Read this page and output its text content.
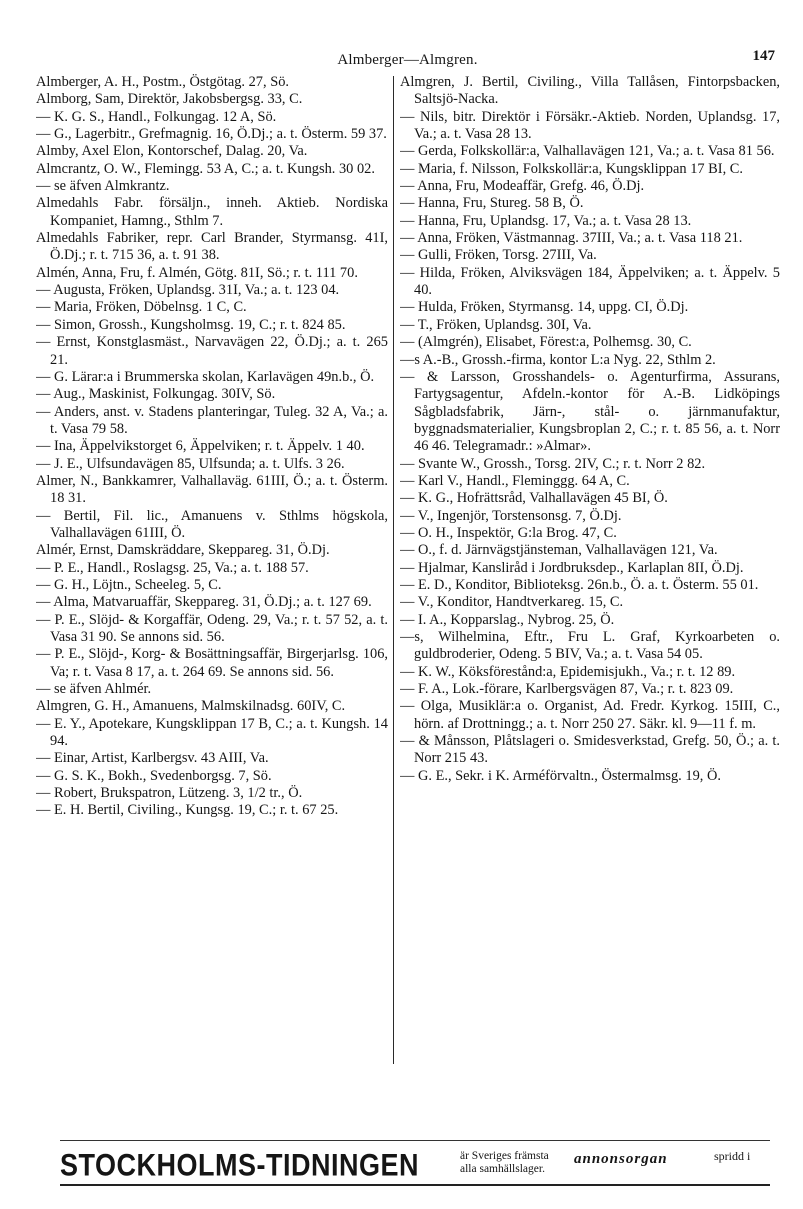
Almberger—Almgren.	147

Almberger, A. H., Postm., Östgötag. 27, Sö.

Almborg, Sam, Direktör, Jakobsbergsg. 33, C.

— K. G. S., Handl., Folkungag. 12 A, Sö.

— G., Lagerbitr., Grefmagnig. 16, Ö.Dj.; a. t. Österm. 59 37.

Almby, Axel Elon, Kontorschef, Dalag. 20, Va.

Almcrantz, O. W., Flemingg. 53 A, C.; a. t. Kungsh. 30 02.

— se äfven Almkrantz.

Almedahls Fabr. försäljn., inneh. Aktieb. Nordiska Kompaniet, Hamng., Sthlm 7.

Almedahls Fabriker, repr. Carl Brander, Styrmansg. 41I, Ö.Dj.; r. t. 715 36, a. t. 91 38.

Almén, Anna, Fru, f. Almén, Götg. 81I, Sö.; r. t. 111 70.

— Augusta, Fröken, Uplandsg. 31I, Va.; a. t. 123 04.

— Maria, Fröken, Döbelnsg. 1 C, C.

— Simon, Grossh., Kungsholmsg. 19, C.; r. t. 824 85.

— Ernst, Konstglasmäst., Narvavägen 22, Ö.Dj.; a. t. 265 21.

— G. Lärar:a i Brummerska skolan, Karlavägen 49n.b., Ö.

— Aug., Maskinist, Folkungag. 30IV, Sö.

— Anders, anst. v. Stadens planteringar, Tuleg. 32 A, Va.; a. t. Vasa 79 58.

— Ina, Äppelvikstorget 6, Äppelviken; r. t. Äppelv. 1 40.

— J. E., Ulfsundavägen 85, Ulfsunda; a. t. Ulfs. 3 26.

Almer, N., Bankkamrer, Valhallaväg. 61III, Ö.; a. t. Österm. 18 31.

— Bertil, Fil. lic., Amanuens v. Sthlms högskola, Valhallavägen 61III, Ö.

Almér, Ernst, Damskräddare, Skeppareg. 31, Ö.Dj.

— P. E., Handl., Roslagsg. 25, Va.; a. t. 188 57.

— G. H., Löjtn., Scheeleg. 5, C.

— Alma, Matvaruaffär, Skeppareg. 31, Ö.Dj.; a. t. 127 69.

— P. E., Slöjd- & Korgaffär, Odeng. 29, Va.; r. t. 57 52, a. t. Vasa 31 90. Se annons sid. 56.

— P. E., Slöjd-, Korg- & Bosättningsaffär, Birgerjarlsg. 106, Va; r. t. Vasa 8 17, a. t. 264 69. Se annons sid. 56.

— se äfven Ahlmér.

Almgren, G. H., Amanuens, Malmskilnadsg. 60IV, C.

— E. Y., Apotekare, Kungsklippan 17 B, C.; a. t. Kungsh. 14 94.

— Einar, Artist, Karlbergsv. 43 AIII, Va.

— G. S. K., Bokh., Svedenborgsg. 7, Sö.

— Robert, Brukspatron, Lützeng. 3, 1/2 tr., Ö.

— E. H. Bertil, Civiling., Kungsg. 19, C.; r. t. 67 25.

Almgren, J. Bertil, Civiling., Villa Tallåsen, Fintorpsbacken, Saltsjö-Nacka.

— Nils, bitr. Direktör i Försäkr.-Aktieb. Norden, Uplandsg. 17, Va.; a. t. Vasa 28 13.

— Gerda, Folkskollär:a, Valhallavägen 121, Va.; a. t. Vasa 81 56.

— Maria, f. Nilsson, Folkskollär:a, Kungsklippan 17 BI, C.

— Anna, Fru, Modeaffär, Grefg. 46, Ö.Dj.

— Hanna, Fru, Stureg. 58 B, Ö.

— Hanna, Fru, Uplandsg. 17, Va.; a. t. Vasa 28 13.

— Anna, Fröken, Västmannag. 37III, Va.; a. t. Vasa 118 21.

— Gulli, Fröken, Torsg. 27III, Va.

— Hilda, Fröken, Alviksvägen 184, Äppelviken; a. t. Äppelv. 5 40.

— Hulda, Fröken, Styrmansg. 14, uppg. CI, Ö.Dj.

— T., Fröken, Uplandsg. 30I, Va.

— (Almgrén), Elisabet, Förest:a, Polhemsg. 30, C.

—s A.-B., Grossh.-firma, kontor L:a Nyg. 22, Sthlm 2.

— & Larsson, Grosshandels- o. Agenturfirma, Assurans, Fartygsagentur, Afdeln.-kontor för A.-B. Lidköpings Sågbladsfabrik, Järn-, stål- o. järnmanufaktur, byggnadsmaterialier, Kungsbroplan 2, C.; r. t. 85 56, a. t. Norr 46 46. Telegramadr.: »Almar».

— Svante W., Grossh., Torsg. 2IV, C.; r. t. Norr 2 82.

— Karl V., Handl., Fleminggg. 64 A, C.

— K. G., Hofrättsråd, Valhallavägen 45 BI, Ö.

— V., Ingenjör, Torstensonsg. 7, Ö.Dj.

— O. H., Inspektör, G:la Brog. 47, C.

— O., f. d. Järnvägstjänsteman, Valhallavägen 121, Va.

— Hjalmar, Kansliråd i Jordbruksdep., Karlaplan 8II, Ö.Dj.

— E. D., Konditor, Biblioteksg. 26n.b., Ö. a. t. Österm. 55 01.

— V., Konditor, Handtverkareg. 15, C.

— I. A., Kopparslag., Nybrog. 25, Ö.

—s, Wilhelmina, Eftr., Fru L. Graf, Kyrkoarbeten o. guldbroderier, Odeng. 5 BIV, Va.; a. t. Vasa 54 05.

— K. W., Köksförestånd:a, Epidemisjukh., Va.; r. t. 12 89.

— F. A., Lok.-förare, Karlbergsvägen 87, Va.; r. t. 823 09.

— Olga, Musiklär:a o. Organist, Ad. Fredr. Kyrkog. 15III, C., hörn. af Drottningg.; a. t. Norr 250 27. Säkr. kl. 9—11 f. m.

— & Månsson, Plåtslageri o. Smidesverkstad, Grefg. 50, Ö.; a. t. Norr 215 43.

— G. E., Sekr. i K. Arméförvaltn., Östermalmsg. 19, Ö.

STOCKHOLMS-TIDNINGEN	är Sveriges främsta
alla samhällslager.
annonsorgan	spridd i
